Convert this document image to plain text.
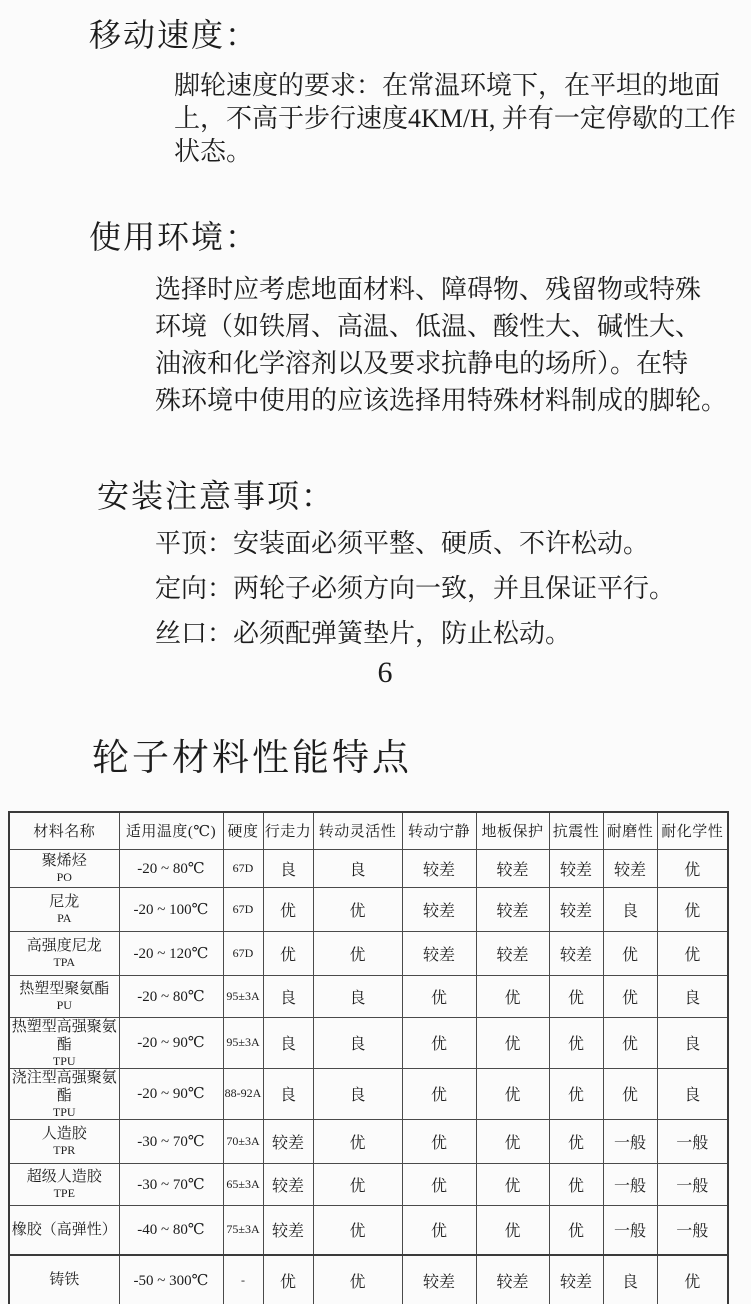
移动速度：
脚轮速度的要求：在常温环境下，在平坦的地面
上，不高于步行速度4KM/H, 并有一定停歇的工作
状态。
使用环境：
选择时应考虑地面材料、障碍物、残留物或特殊
环境（如铁屑、高温、低温、酸性大、碱性大、
油液和化学溶剂以及要求抗静电的场所）。在特
殊环境中使用的应该选择用特殊材料制成的脚轮。
安装注意事项：
平顶：安装面必须平整、硬质、不许松动。
定向：两轮子必须方向一致，并且保证平行。
丝口：必须配弹簧垫片，防止松动。
6
轮子材料性能特点
材料名称	适用温度(℃)	硬度	行走力	转动灵活性	转动宁静	地板保护	抗震性	耐磨性	耐化学性

聚烯烃
PO	-20 ~ 80℃	67D	良	良	较差	较差	较差	较差	优

尼龙
PA	-20 ~ 100℃	67D	优	优	较差	较差	较差	良	优

高强度尼龙
TPA	-20 ~ 120℃	67D	优	优	较差	较差	较差	优	优

热塑型聚氨酯
PU	-20 ~ 80℃	95±3A	良	良	优	优	优	优	良

热塑型高强聚氨酯
TPU	-20 ~ 90℃	95±3A	良	良	优	优	优	优	良

浇注型高强聚氨酯
TPU	-20 ~ 90℃	88-92A	良	良	优	优	优	优	良

人造胶
TPR	-30 ~ 70℃	70±3A	较差	优	优	优	优	一般	一般

超级人造胶
TPE	-30 ~ 70℃	65±3A	较差	优	优	优	优	一般	一般

橡胶（高弹性）	-40 ~ 80℃	75±3A	较差	优	优	优	优	一般	一般

铸铁	-50 ~ 300℃	-	优	优	较差	较差	较差	良	优
